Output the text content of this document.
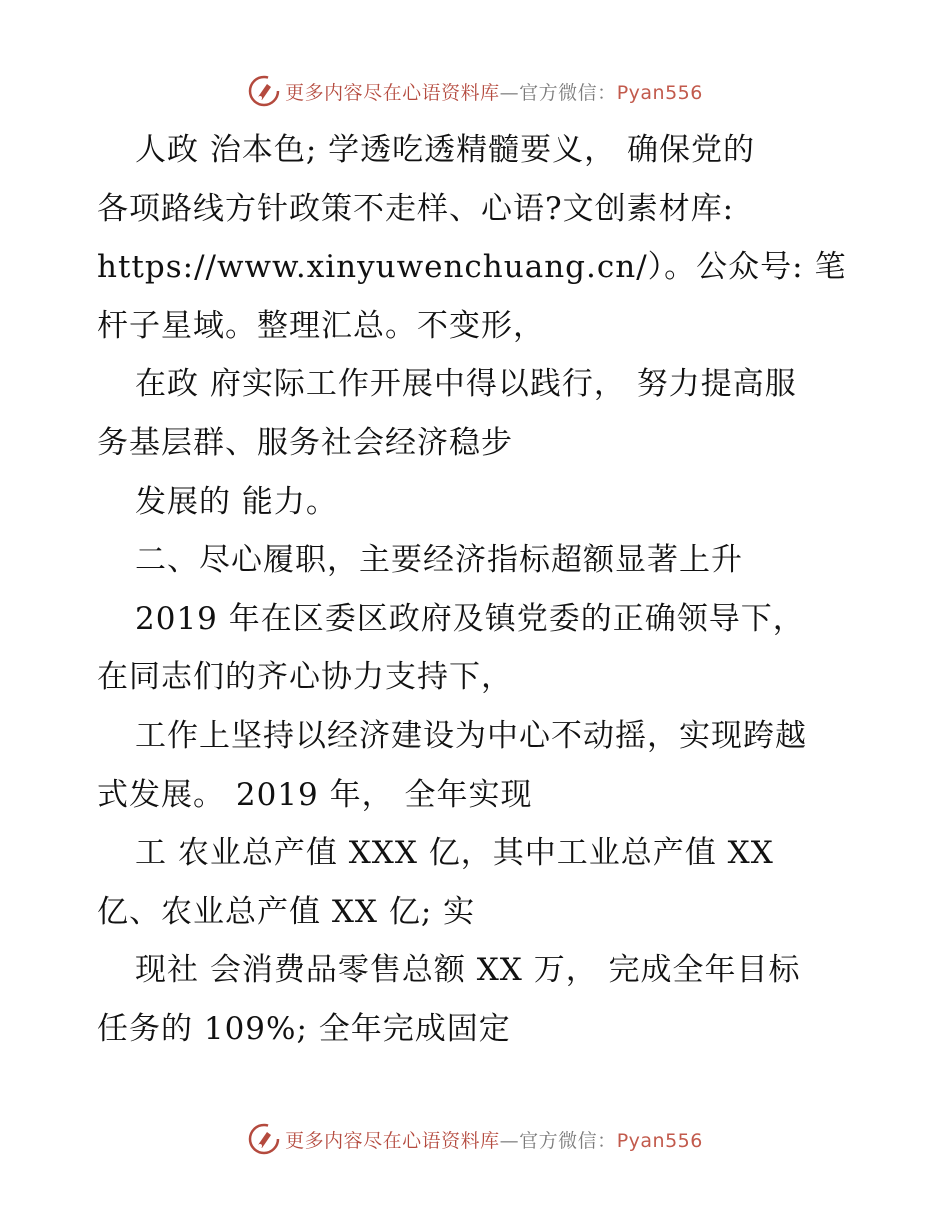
更多内容尽在心语资料库—官方微信：Pyan556
人政 治本色; 学透吃透精髓要义， 确保党的
各项路线方针政策不走样、心语?文创素材库:
https://www.xinyuwenchuang.cn/）。公众号: 笔
杆子星域。整理汇总。不变形，
在政 府实际工作开展中得以践行， 努力提高服
务基层群、服务社会经济稳步
发展的 能力。
二、尽心履职，主要经济指标超额显著上升
2019 年在区委区政府及镇党委的正确领导下，
在同志们的齐心协力支持下，
工作上坚持以经济建设为中心不动摇，实现跨越
式发展。 2019 年， 全年实现
工 农业总产值 XXX 亿，其中工业总产值 XX
亿、农业总产值 XX 亿; 实
现社 会消费品零售总额 XX 万， 完成全年目标
任务的 109%; 全年完成固定
更多内容尽在心语资料库—官方微信：Pyan556
